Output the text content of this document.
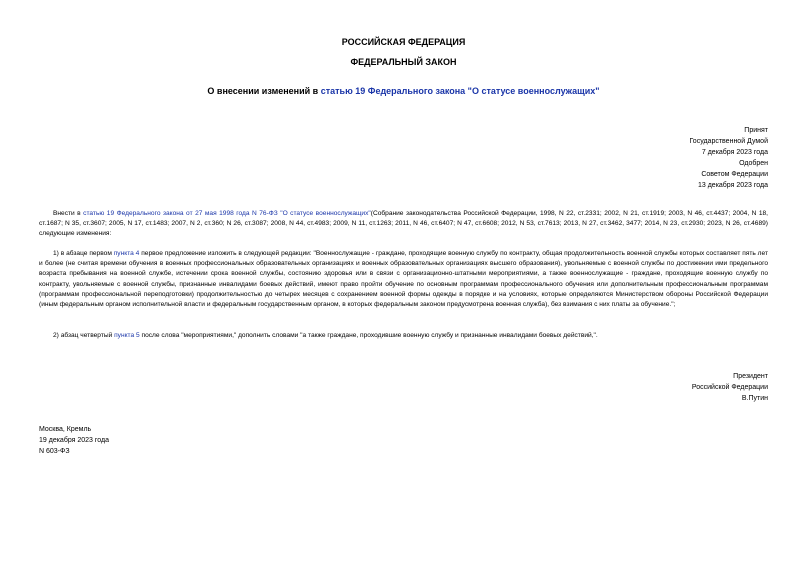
РОССИЙСКАЯ ФЕДЕРАЦИЯ
ФЕДЕРАЛЬНЫЙ ЗАКОН
О внесении изменений в статью 19 Федерального закона "О статусе военнослужащих"
Принят
Государственной Думой
7 декабря 2023 года
Одобрен
Советом Федерации
13 декабря 2023 года
Внести в статью 19 Федерального закона от 27 мая 1998 года N 76-ФЗ "О статусе военнослужащих"(Собрание законодательства Российской Федерации, 1998, N 22, ст.2331; 2002, N 21, ст.1919; 2003, N 46, ст.4437; 2004, N 18, ст.1687; N 35, ст.3607; 2005, N 17, ст.1483; 2007, N 2, ст.360; N 26, ст.3087; 2008, N 44, ст.4983; 2009, N 11, ст.1263; 2011, N 46, ст.6407; N 47, ст.6608; 2012, N 53, ст.7613; 2013, N 27, ст.3462, 3477; 2014, N 23, ст.2930; 2023, N 26, ст.4689) следующие изменения:
1) в абзаце первом пункта 4 первое предложение изложить в следующей редакции: "Военнослужащие - граждане, проходящие военную службу по контракту, общая продолжительность военной службы которых составляет пять лет и более (не считая времени обучения в военных профессиональных образовательных организациях и военных образовательных организациях высшего образования), увольняемые с военной службы по достижении ими предельного возраста пребывания на военной службе, истечении срока военной службы, состоянию здоровья или в связи с организационно-штатными мероприятиями, а также военнослужащие - граждане, проходящие военную службу по контракту, увольняемые с военной службы, признанные инвалидами боевых действий, имеют право пройти обучение по основным программам профессионального обучения или дополнительным профессиональным программам (программам профессиональной переподготовки) продолжительностью до четырех месяцев с сохранением военной формы одежды в порядке и на условиях, которые определяются Министерством обороны Российской Федерации (иным федеральным органом исполнительной власти и федеральным государственным органом, в которых федеральным законом предусмотрена военная служба), без взимания с них платы за обучение.";
2) абзац четвертый пункта 5 после слова "мероприятиями," дополнить словами "а также граждане, проходившие военную службу и признанные инвалидами боевых действий,".
Президент
Российской Федерации
В.Путин
Москва, Кремль
19 декабря 2023 года
N 603-ФЗ
